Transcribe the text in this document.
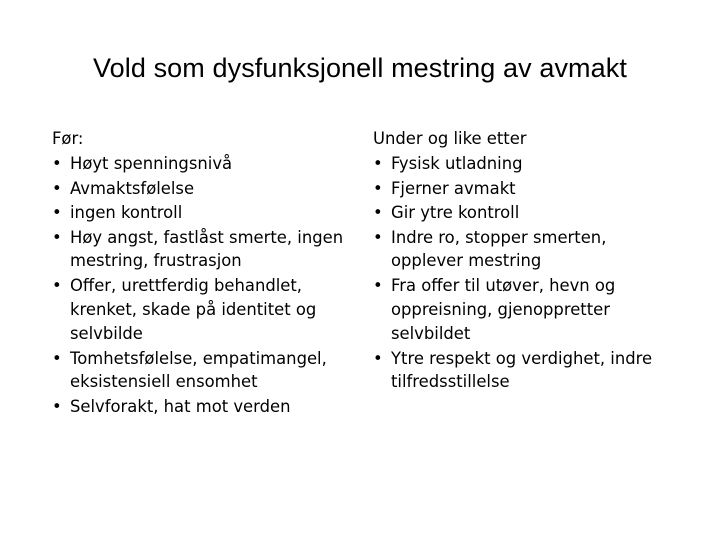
Vold som dysfunksjonell mestring av avmakt

Før:

• Høyt spenningsnivå
• Avmaktsfølelse
• ingen kontroll
• Høy angst, fastlåst smerte, ingen
mestring, frustrasjon
• Offer, urettferdig behandlet,
krenket, skade på identitet og
selvbilde
• Tomhetsfølelse, empatimangel,
eksistensiell ensomhet
• Selvforakt, hat mot verden

Under og like etter

• Fysisk utladning
• Fjerner avmakt
• Gir ytre kontroll
• Indre ro, stopper smerten,
opplever mestring
• Fra offer til utøver, hevn og
oppreisning, gjenoppretter
selvbildet
• Ytre respekt og verdighet, indre
tilfredsstillelse
